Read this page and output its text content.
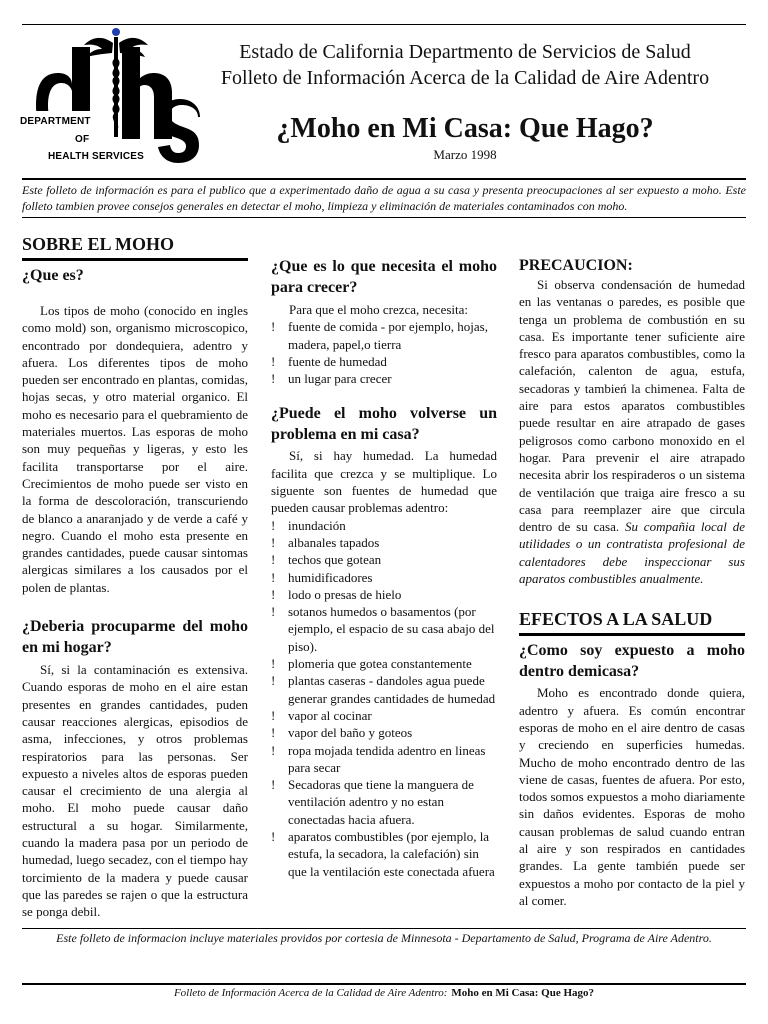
DEPARTMENT
OF
HEALTH SERVICES
Estado de California Departmento de Servicios de Salud
Folleto de Información Acerca de la Calidad de Aire Adentro
¿Moho en Mi Casa: Que Hago?
Marzo 1998
Este folleto de información es para el publico que a experimentado daño de agua a su casa y presenta preocupaciones al ser expuesto a moho. Este folleto tambien provee consejos generales en detectar el moho, limpieza y eliminación de materiales contaminados con moho.
SOBRE EL MOHO
¿Que es?

Los tipos de moho (conocido en ingles como mold) son, organismo microscopico, encontrado por dondequiera, adentro y afuera. Los diferentes tipos de moho pueden ser encontrado en plantas, comidas, hojas secas, y otro material organico. El moho es necesario para el quebramiento de materiales muertos. Las esporas de moho son muy pequeñas y ligeras, y esto les facilita transportarse por el aire. Crecimientos de moho puede ser visto en la forma de descoloración, transcuriendo de blanco a anaranjado y de verde a café y negro. Cuando el moho esta presente en grandes cantidades, puede causar sintomas alergicas similares a los causados por el polen de plantas.

¿Deberia procuparme del moho en mi hogar?

Sí, si la contaminación es extensiva. Cuando esporas de moho en el aire estan presentes en grandes cantidades, puden causar reacciones alergicas, episodios de asma, infecciones, y otros problemas respiratorios para las personas. Ser expuesto a niveles altos de esporas pueden causar el crecimiento de una alergia al moho. El moho puede causar daño estructural a su hogar. Similarmente, cuando la madera pasa por un periodo de humedad, luego secadez, con el tiempo hay torcimiento de la madera y puede causar que las paredes se rajen o que la estructura se ponga debil.

¿Que es lo que necesita el moho para crecer?

Para que el moho crezca, necesita:

! fuente de comida - por ejemplo, hojas, madera, papel,o tierra
! fuente de humedad
! un lugar para crecer
¿Puede el moho volverse un problema en mi casa?

Sí, si hay humedad. La humedad facilita que crezca y se multiplique. Lo siguente son fuentes de humedad que pueden causar problemas adentro:

! inundación
! albanales tapados
! techos que gotean
! humidificadores
! lodo o presas de hielo
! sotanos humedos o basamentos (por ejemplo, el espacio de su casa abajo del piso).
! plomeria que gotea constantemente
! plantas caseras - dandoles agua puede generar grandes cantidades de humedad
! vapor al cocinar
! vapor del baño y goteos
! ropa mojada tendida adentro en lineas para secar
! Secadoras que tiene la manguera de ventilación adentro y no estan conectadas hacia afuera.
! aparatos combustibles (por ejemplo, la estufa, la secadora, la calefación) sin que la ventilación este conectada afuera
PRECAUCION:

Si observa condensación de humedad en las ventanas o paredes, es posible que tenga un problema de combustión en su casa. Es importante tener suficiente aire fresco para aparatos combustibles, como la calefación, calenton de agua, estufa, secadoras y tambień la chimenea. Falta de aire para estos aparatos combustibles puede resultar en aire atrapado de gases peligrosos como carbono monoxido en el hogar. Para prevenir el aire atrapado necesita abrir los respiraderos o un sistema de ventilación que traiga aire fresco a su casa para reemplazer aire que circula dentro de su casa. Su compañia local de utilidades o un contratista profesional de calentadores debe inspeccionar sus aparatos combustibles anualmente.

EFECTOS A LA SALUD
¿Como soy expuesto a moho dentro demicasa?

Moho es encontrado donde quiera, adentro y afuera. Es común encontrar esporas de moho en el aire dentro de casas y creciendo en superficies humedas. Mucho de moho encontrado dentro de las viene de casas, fuentes de afuera. Por esto, todos somos expuestos a moho diariamente sin daños evidentes. Esporas de moho causan problemas de salud cuando entran al aire y son respirados en cantidades grandes. La gente también puede ser expuestos a moho por contacto de la piel y al comer.

Este folleto de informacion incluye materiales providos por cortesia de Minnesota - Departamento de Salud, Programa de Aire Adentro.
Folleto de Información Acerca de la Calidad de Aire Adentro: Moho en Mi Casa: Que Hago?
